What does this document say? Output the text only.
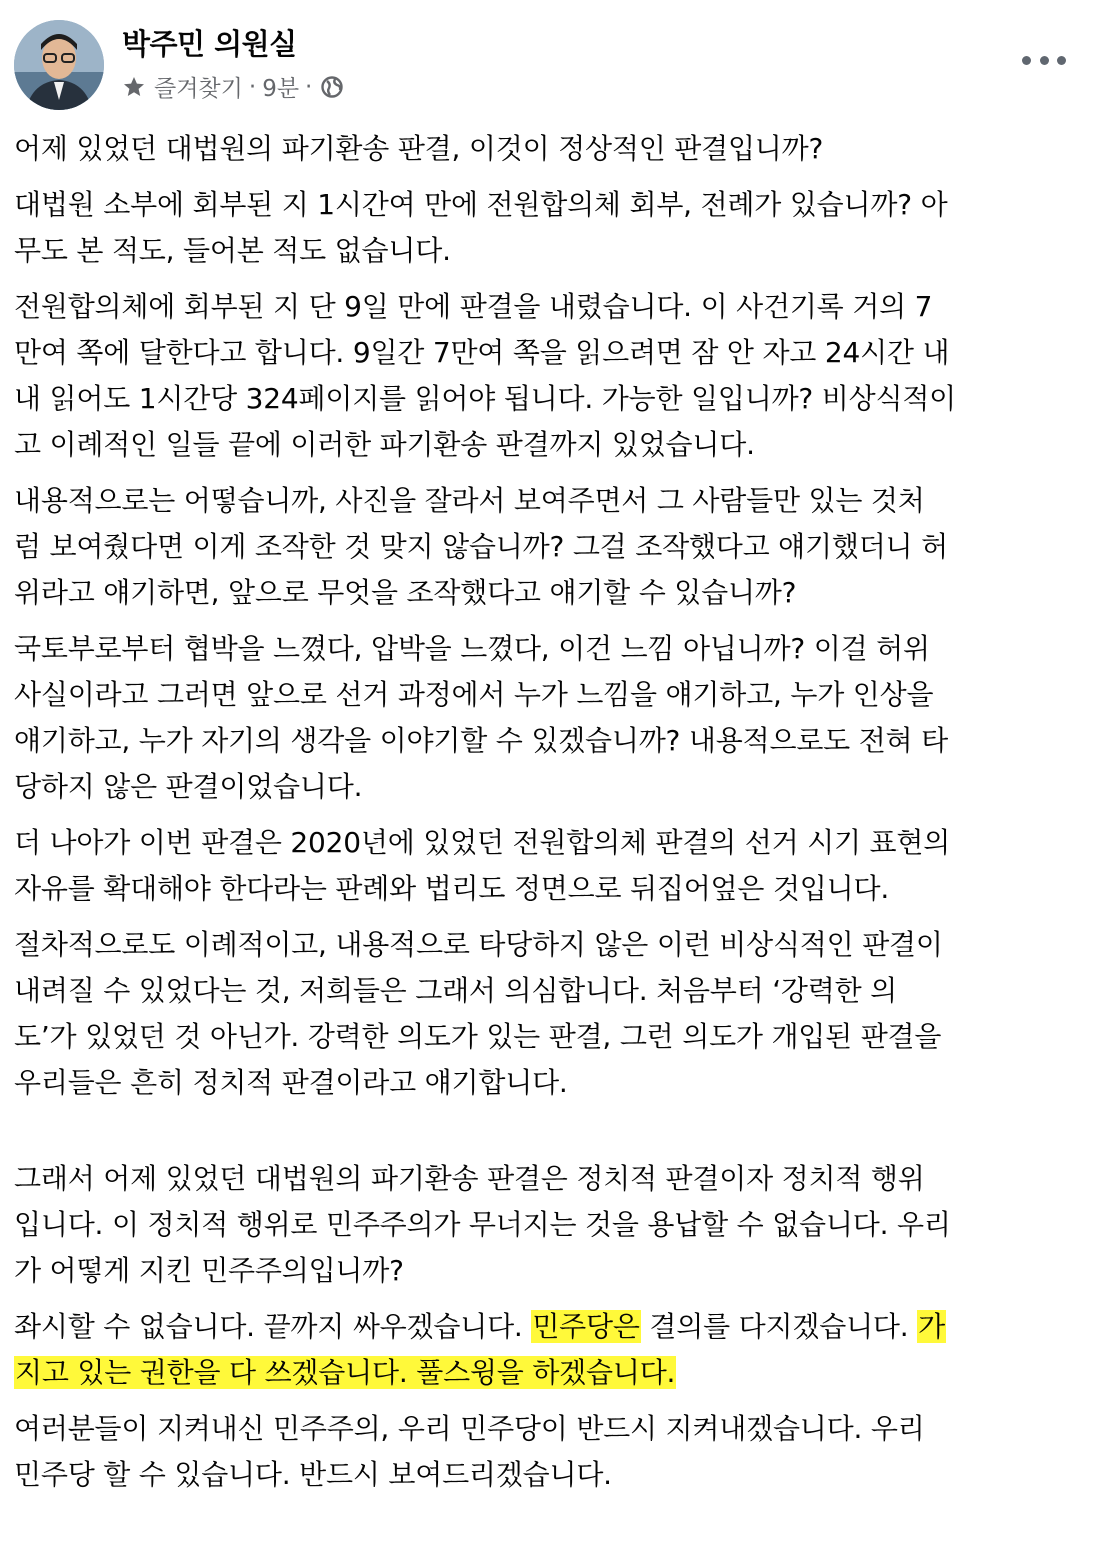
박주민 의원실
즐겨찾기 · 9분 ·

어제 있었던 대법원의 파기환송 판결, 이것이 정상적인 판결입니까?

대법원 소부에 회부된 지 1시간여 만에 전원합의체 회부, 전례가 있습니까? 아
무도 본 적도, 들어본 적도 없습니다.

전원합의체에 회부된 지 단 9일 만에 판결을 내렸습니다. 이 사건기록 거의 7
만여 쪽에 달한다고 합니다. 9일간 7만여 쪽을 읽으려면 잠 안 자고 24시간 내
내 읽어도 1시간당 324페이지를 읽어야 됩니다. 가능한 일입니까? 비상식적이
고 이례적인 일들 끝에 이러한 파기환송 판결까지 있었습니다.

내용적으로는 어떻습니까, 사진을 잘라서 보여주면서 그 사람들만 있는 것처
럼 보여줬다면 이게 조작한 것 맞지 않습니까? 그걸 조작했다고 얘기했더니 허
위라고 얘기하면, 앞으로 무엇을 조작했다고 얘기할 수 있습니까?

국토부로부터 협박을 느꼈다, 압박을 느꼈다, 이건 느낌 아닙니까? 이걸 허위
사실이라고 그러면 앞으로 선거 과정에서 누가 느낌을 얘기하고, 누가 인상을
얘기하고, 누가 자기의 생각을 이야기할 수 있겠습니까? 내용적으로도 전혀 타
당하지 않은 판결이었습니다.

더 나아가 이번 판결은 2020년에 있었던 전원합의체 판결의 선거 시기 표현의
자유를 확대해야 한다라는 판례와 법리도 정면으로 뒤집어엎은 것입니다.

절차적으로도 이례적이고, 내용적으로 타당하지 않은 이런 비상식적인 판결이
내려질 수 있었다는 것, 저희들은 그래서 의심합니다. 처음부터 ‘강력한 의
도’가 있었던 것 아닌가. 강력한 의도가 있는 판결, 그런 의도가 개입된 판결을
우리들은 흔히 정치적 판결이라고 얘기합니다.

그래서 어제 있었던 대법원의 파기환송 판결은 정치적 판결이자 정치적 행위
입니다. 이 정치적 행위로 민주주의가 무너지는 것을 용납할 수 없습니다. 우리
가 어떻게 지킨 민주주의입니까?

좌시할 수 없습니다. 끝까지 싸우겠습니다. 민주당은 결의를 다지겠습니다. 가
지고 있는 권한을 다 쓰겠습니다. 풀스윙을 하겠습니다.

여러분들이 지켜내신 민주주의, 우리 민주당이 반드시 지켜내겠습니다. 우리
민주당 할 수 있습니다. 반드시 보여드리겠습니다.
